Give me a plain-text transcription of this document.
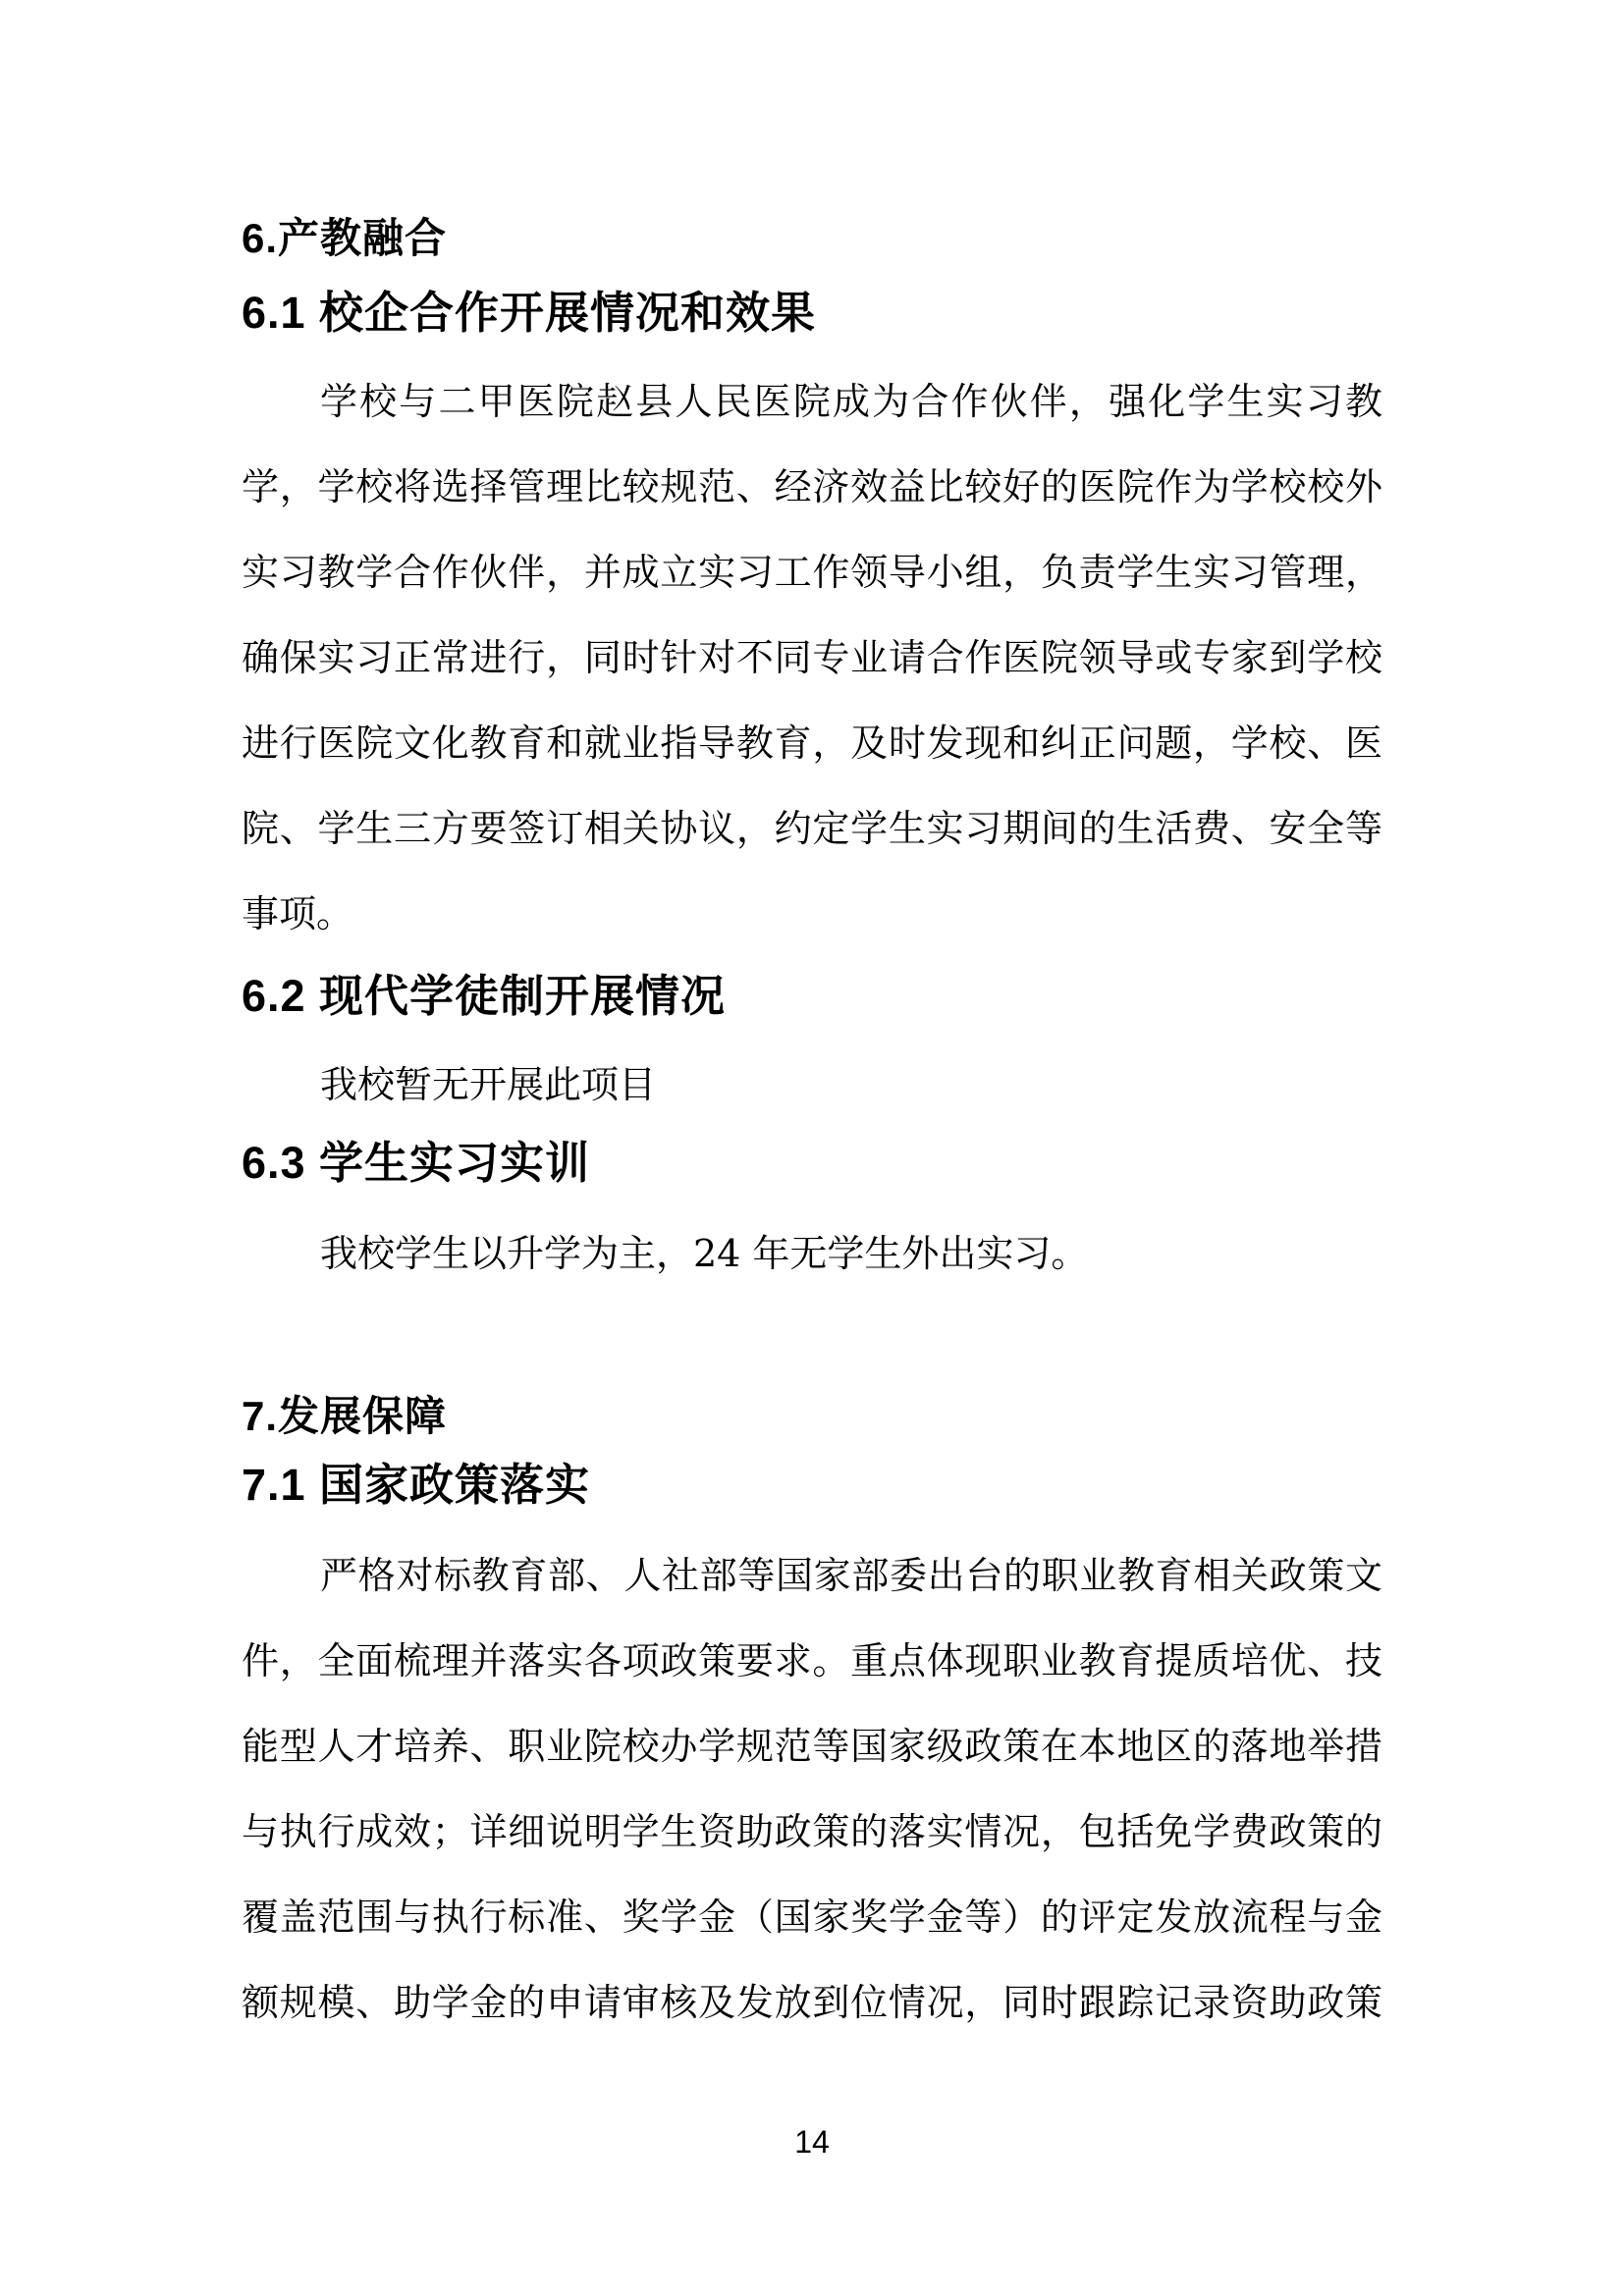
6.产教融合
6.1 校企合作开展情况和效果
学校与二甲医院赵县人民医院成为合作伙伴，强化学生实习教
学，学校将选择管理比较规范、经济效益比较好的医院作为学校校外
实习教学合作伙伴，并成立实习工作领导小组，负责学生实习管理，
确保实习正常进行，同时针对不同专业请合作医院领导或专家到学校
进行医院文化教育和就业指导教育，及时发现和纠正问题，学校、医
院、学生三方要签订相关协议，约定学生实习期间的生活费、安全等
事项。
6.2 现代学徒制开展情况
我校暂无开展此项目
6.3 学生实习实训
我校学生以升学为主，24 年无学生外出实习。
7.发展保障
7.1 国家政策落实
严格对标教育部、人社部等国家部委出台的职业教育相关政策文
件，全面梳理并落实各项政策要求。重点体现职业教育提质培优、技
能型人才培养、职业院校办学规范等国家级政策在本地区的落地举措
与执行成效；详细说明学生资助政策的落实情况，包括免学费政策的
覆盖范围与执行标准、奖学金（国家奖学金等）的评定发放流程与金
额规模、助学金的申请审核及发放到位情况，同时跟踪记录资助政策
14
